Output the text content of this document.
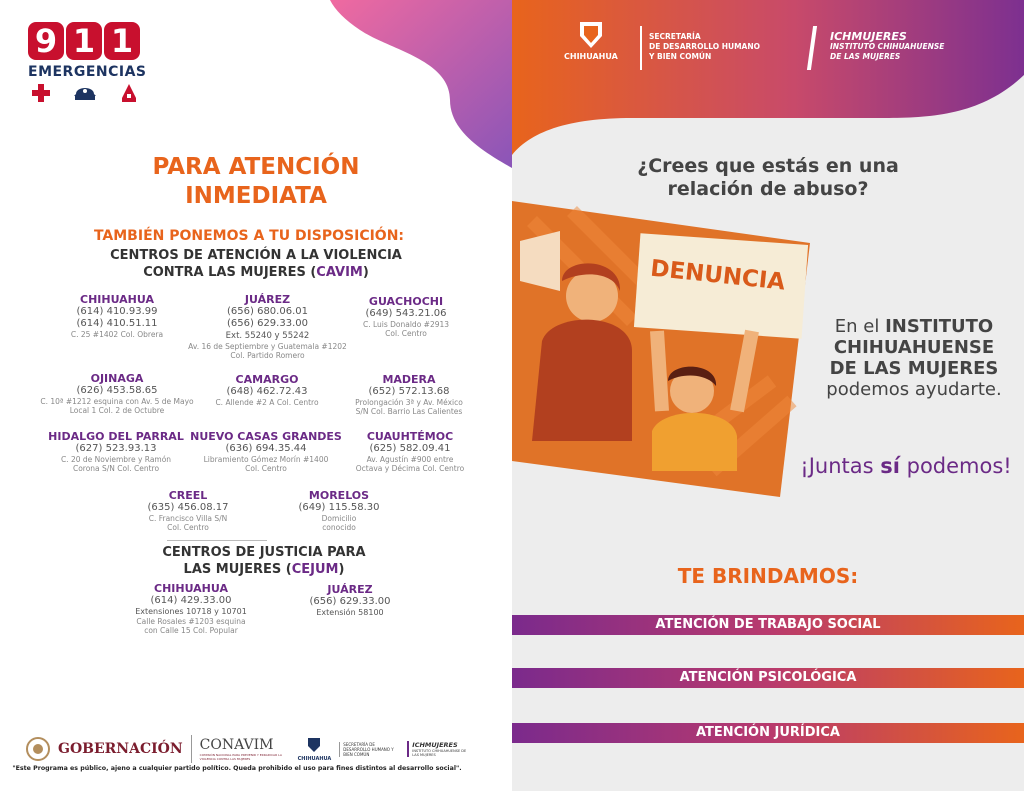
9 1 1
EMERGENCIAS
PARA ATENCIÓN
INMEDIATA
TAMBIÉN PONEMOS A TU DISPOSICIÓN:
CENTROS DE ATENCIÓN A LA VIOLENCIA
CONTRA LAS MUJERES (CAVIM)
CHIHUAHUA
(614) 410.93.99
(614) 410.51.11
C. 25 #1402 Col. Obrera
JUÁREZ
(656) 680.06.01
(656) 629.33.00
Ext. 55240 y 55242
Av. 16 de Septiembre y Guatemala #1202
Col. Partido Romero
GUACHOCHI
(649) 543.21.06
C. Luis Donaldo #2913
Col. Centro
OJINAGA
(626) 453.58.65
C. 10ª #1212 esquina con Av. 5 de Mayo
Local 1 Col. 2 de Octubre
CAMARGO
(648) 462.72.43
C. Allende #2 A Col. Centro
MADERA
(652) 572.13.68
Prolongación 3ª y Av. México
S/N Col. Barrio Las Calientes
HIDALGO DEL PARRAL
(627) 523.93.13
C. 20 de Noviembre y Ramón
Corona S/N Col. Centro
NUEVO CASAS GRANDES
(636) 694.35.44
Libramiento Gómez Morín #1400
Col. Centro
CUAUHTÉMOC
(625) 582.09.41
Av. Agustín #900 entre
Octava y Décima Col. Centro
CREEL
(635) 456.08.17
C. Francisco Villa S/N
Col. Centro
MORELOS
(649) 115.58.30
Domicilio
conocido
CENTROS DE JUSTICIA PARA
LAS MUJERES (CEJUM)
CHIHUAHUA
(614) 429.33.00
Extensiones 10718 y 10701
Calle Rosales #1203 esquina
con Calle 15 Col. Popular
JUÁREZ
(656) 629.33.00
Extensión 58100
GOBERNACIÓN CONAVIM
COMISIÓN NACIONAL PARA PREVENIR Y ERRADICAR LA VIOLENCIA CONTRA LAS MUJERES	CHIHUAHUA
SECRETARÍA DE DESARROLLO HUMANO Y BIEN COMÚN
ICHMUJERES
INSTITUTO CHIHUAHUENSE DE LAS MUJERES
"Este Programa es público, ajeno a cualquier partido político. Queda prohibido el uso para fines distintos al desarrollo social".
CHIHUAHUA
SECRETARÍA
DE DESARROLLO HUMANO
Y BIEN COMÚN
ICHMUJERES
INSTITUTO CHIHUAHUENSE
DE LAS MUJERES
¿Crees que estás en una
relación de abuso?
DENUNCIA
En el INSTITUTO
CHIHUAHUENSE
DE LAS MUJERES
podemos ayudarte.
¡Juntas sí podemos!
TE BRINDAMOS:
ATENCIÓN DE TRABAJO SOCIAL
ATENCIÓN PSICOLÓGICA
ATENCIÓN JURÍDICA
